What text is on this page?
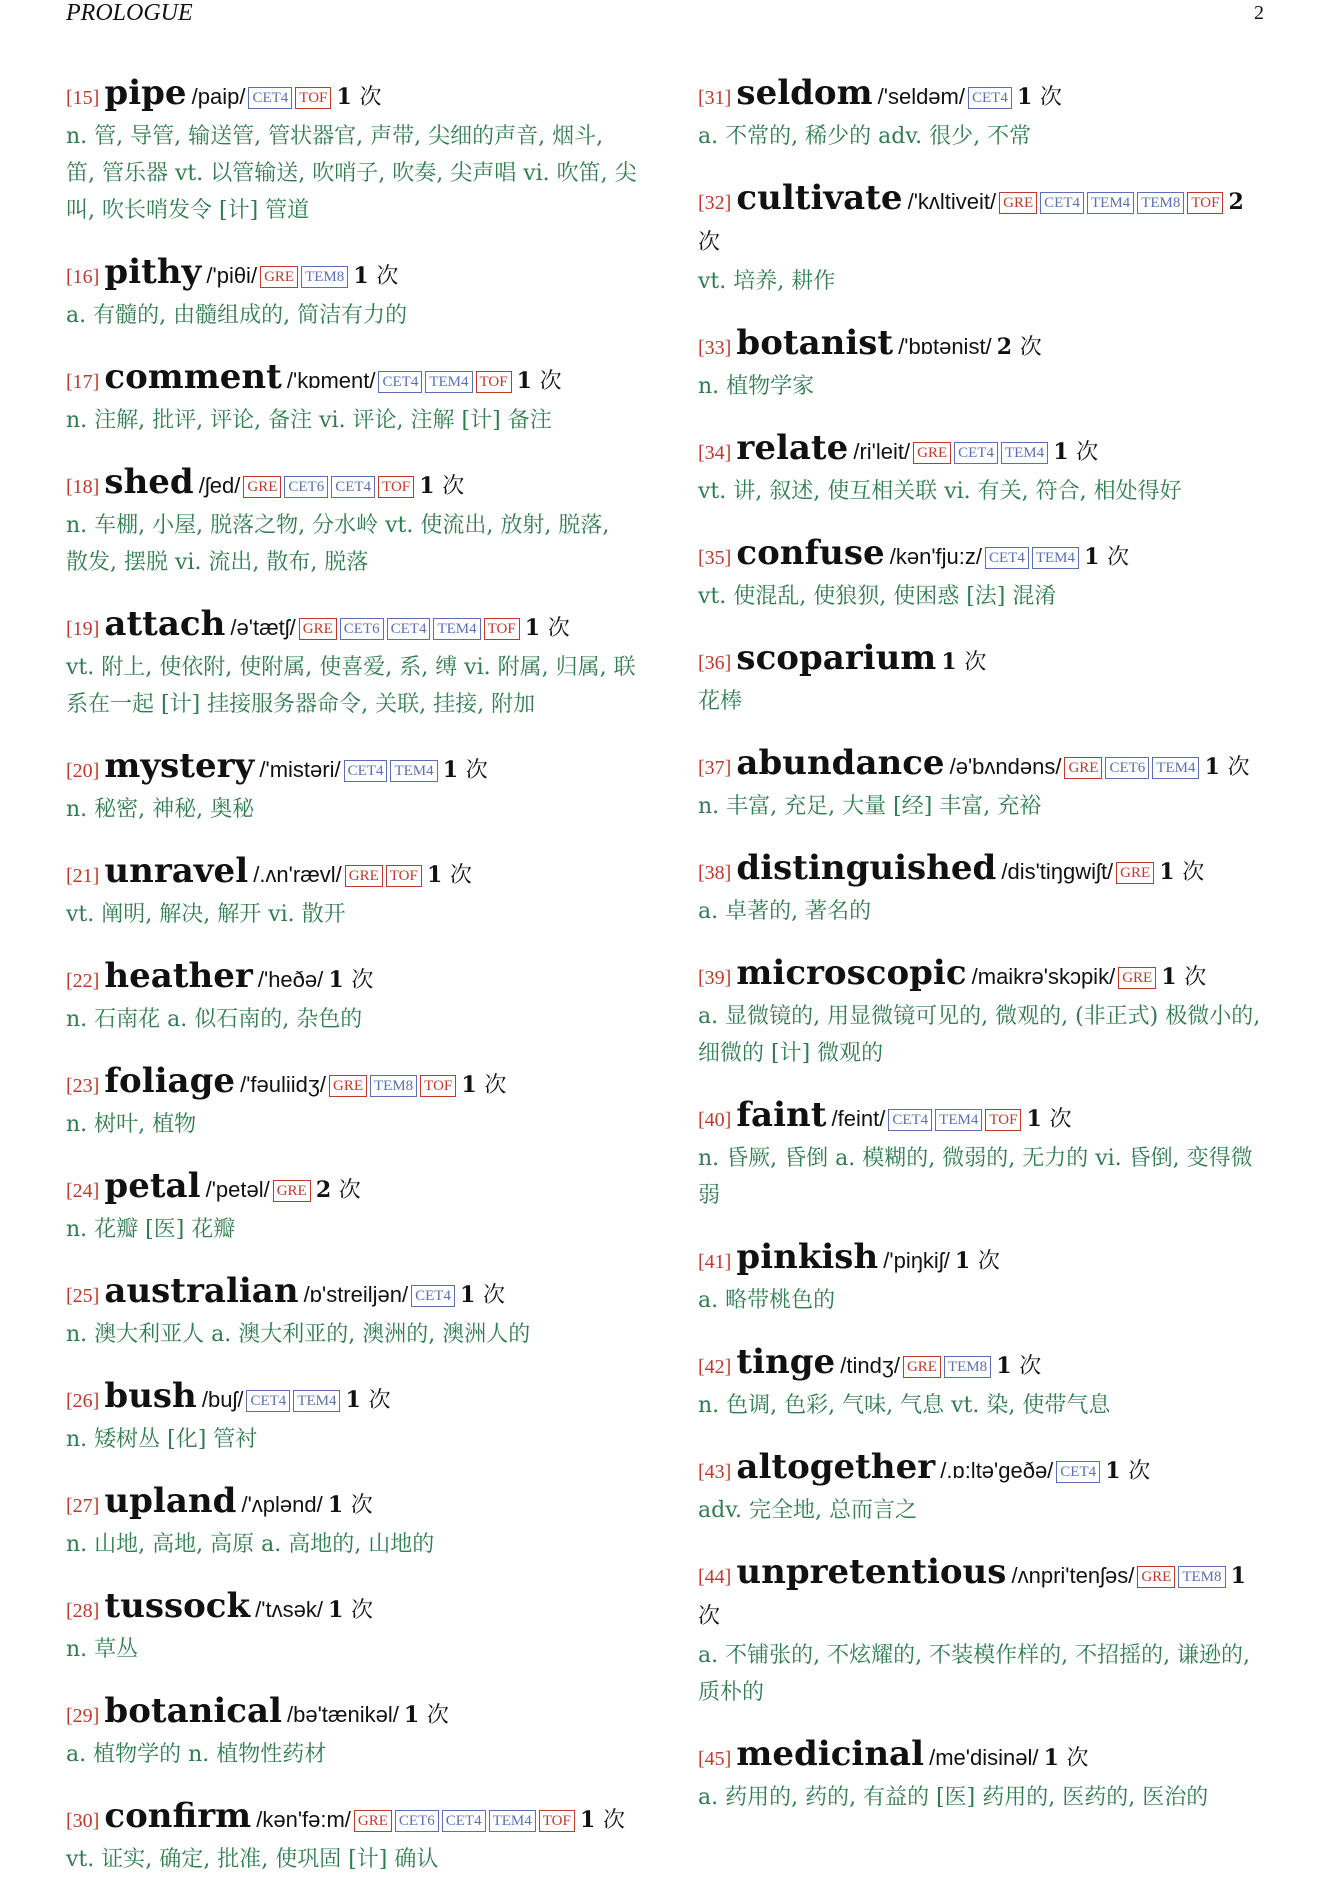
PROLOGUE	2
[15] pipe /paip/ CET4 TOF 1 次
n. 管, 导管, 输送管, 管状器官, 声带, 尖细的声音, 烟斗, 笛, 管乐器 vt. 以管输送, 吹哨子, 吹奏, 尖声唱 vi. 吹笛, 尖叫, 吹长哨发令 [计] 管道
[16] pithy /'piθi/ GRE TEM8 1 次
a. 有髓的, 由髓组成的, 简洁有力的
[17] comment /'kɒment/ CET4 TEM4 TOF 1 次
n. 注解, 批评, 评论, 备注 vi. 评论, 注解 [计] 备注
[18] shed /ʃed/ GRE CET6 CET4 TOF 1 次
n. 车棚, 小屋, 脱落之物, 分水岭 vt. 使流出, 放射, 脱落, 散发, 摆脱 vi. 流出, 散布, 脱落
[19] attach /ə'tætʃ/ GRE CET6 CET4 TEM4 TOF 1 次
vt. 附上, 使依附, 使附属, 使喜爱, 系, 缚 vi. 附属, 归属, 联系在一起 [计] 挂接服务器命令, 关联, 挂接, 附加
[20] mystery /'mistəri/ CET4 TEM4 1 次
n. 秘密, 神秘, 奥秘
[21] unravel /.ʌn'rævl/ GRE TOF 1 次
vt. 阐明, 解决, 解开 vi. 散开
[22] heather /'heðə/ 1 次
n. 石南花 a. 似石南的, 杂色的
[23] foliage /'fəuliidʒ/ GRE TEM8 TOF 1 次
n. 树叶, 植物
[24] petal /'petəl/ GRE 2 次
n. 花瓣 [医] 花瓣
[25] australian /ɒ'streiljən/ CET4 1 次
n. 澳大利亚人 a. 澳大利亚的, 澳洲的, 澳洲人的
[26] bush /buʃ/ CET4 TEM4 1 次
n. 矮树丛 [化] 管衬
[27] upland /'ʌplənd/ 1 次
n. 山地, 高地, 高原 a. 高地的, 山地的
[28] tussock /'tʌsək/ 1 次
n. 草丛
[29] botanical /bə'tænikəl/ 1 次
a. 植物学的 n. 植物性药材
[30] confirm /kən'fə:m/ GRE CET6 CET4 TEM4 TOF 1 次
vt. 证实, 确定, 批准, 使巩固 [计] 确认
[31] seldom /'seldəm/ CET4 1 次
a. 不常的, 稀少的 adv. 很少, 不常
[32] cultivate /'kʌltiveit/ GRE CET4 TEM4 TEM8 TOF 2 次
vt. 培养, 耕作
[33] botanist /'bɒtənist/ 2 次
n. 植物学家
[34] relate /ri'leit/ GRE CET4 TEM4 1 次
vt. 讲, 叙述, 使互相关联 vi. 有关, 符合, 相处得好
[35] confuse /kən'fju:z/ CET4 TEM4 1 次
vt. 使混乱, 使狼狈, 使困惑 [法] 混淆
[36] scoparium 1 次
花棒
[37] abundance /ə'bʌndəns/ GRE CET6 TEM4 1 次
n. 丰富, 充足, 大量 [经] 丰富, 充裕
[38] distinguished /dis'tiŋgwiʃt/ GRE 1 次
a. 卓著的, 著名的
[39] microscopic /maikrə'skɔpik/ GRE 1 次
a. 显微镜的, 用显微镜可见的, 微观的, (非正式) 极微小的, 细微的 [计] 微观的
[40] faint /feint/ CET4 TEM4 TOF 1 次
n. 昏厥, 昏倒 a. 模糊的, 微弱的, 无力的 vi. 昏倒, 变得微弱
[41] pinkish /'piŋkiʃ/ 1 次
a. 略带桃色的
[42] tinge /tindʒ/ GRE TEM8 1 次
n. 色调, 色彩, 气味, 气息 vt. 染, 使带气息
[43] altogether /.ɒ:ltə'geðə/ CET4 1 次
adv. 完全地, 总而言之
[44] unpretentious /ʌnpri'tenʃəs/ GRE TEM8 1 次
a. 不铺张的, 不炫耀的, 不装模作样的, 不招摇的, 谦逊的, 质朴的
[45] medicinal /me'disinəl/ 1 次
a. 药用的, 药的, 有益的 [医] 药用的, 医药的, 医治的
